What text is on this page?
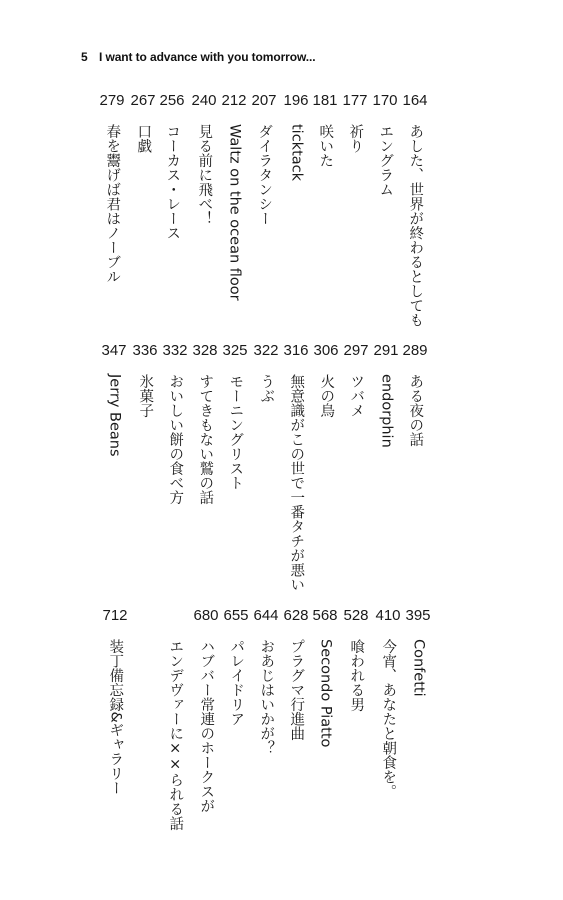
5 I want to advance with you tomorrow...
164
あした、世界が終わるとしても
170
エングラム
177
祈り
181
咲いた
196
ticktack
207
ダイラタンシー
212
Waltz on the ocean floor
240
見る前に飛べ！
256
コーカス・レース
267
口戯
279
春を鬻げば君はノーブル
289
ある夜の話
291
endorphin
297
ツバメ
306
火の鳥
316
無意識がこの世で一番タチが悪い
322
うぶ
325
モーニングリスト
328
すてきもない鷲の話
332
おいしい餅の食べ方
336
氷菓子
347
Jerry Beans
395
Confetti
410
今宵、あなたと朝食を。
528
喰われる男
568
Secondo Piatto
628
プラグマ行進曲
644
おあじはいかが？
655
パレイドリア
680
ハブバー常連のホークスが
エンデヴァーに××られる話
712
装丁備忘録&ギャラリー
